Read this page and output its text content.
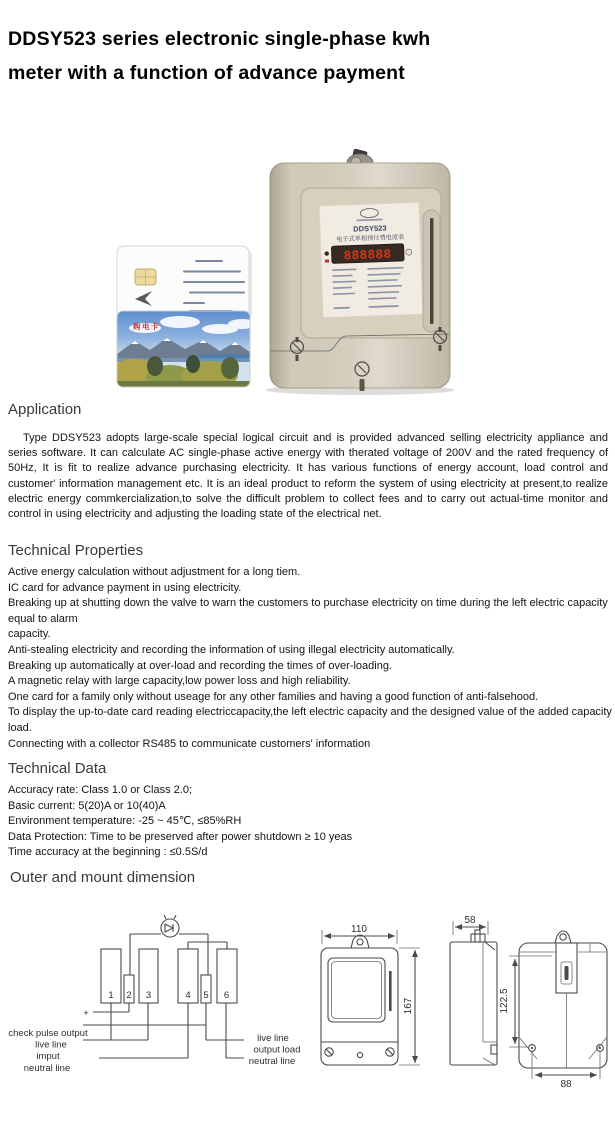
DDSY523 series electronic single-phase kwh
meter with a function of advance payment
DDSY523
电子式单相预付费电度表
888888
购电卡
Application
Type DDSY523 adopts large-scale special logical circuit and is provided advanced selling electricity appliance and series software. It can calculate AC single-phase active energy with therated voltage of 200V and the rated frequency of 50Hz, It is fit to realize advance purchasing electricity. It has various functions of energy account, load control and customer' information management etc. It is an ideal product to reform the system of using electricity at present,to realize electric energy commkercialization,to solve the difficult problem to collect fees and to carry out actual-time monitor and control in using electricity and adjusting the loading state of the electrical net.
Technical Properties
Active energy calculation without adjustment for a long tiem.
IC card for advance payment in using electricity.
Breaking up at shutting down the valve to warn the customers to purchase electricity on time during the left electric capacity
equal to alarm
capacity.
Anti-stealing electricity and recording the information of using illegal electricity automatically.
Breaking up automatically at over-load and recording the times of over-loading.
A magnetic relay with large capacity,low power loss and high reliability.
One card for a family only without useage for any other families and having a good function of anti-falsehood.
To display the up-to-date card reading electriccapacity,the left electric capacity and the designed value of the added capacity
load.
Connecting with a collector RS485 to communicate customers' information
Technical Data
Accuracy rate: Class 1.0 or Class 2.0;
Basic current: 5(20)A or 10(40)A
Environment temperature: -25 ~ 45℃, ≤85%RH
Data Protection: Time to be preserved after power shutdown ≥ 10 yeas
Time accuracy at the beginning : ≤0.5S/d
Outer and mount dimension
1 2 3	4 5 6
+
check pulse output
live line
imput
neutral line
live line
output load
neutral line
110
167
58
122.5
88
